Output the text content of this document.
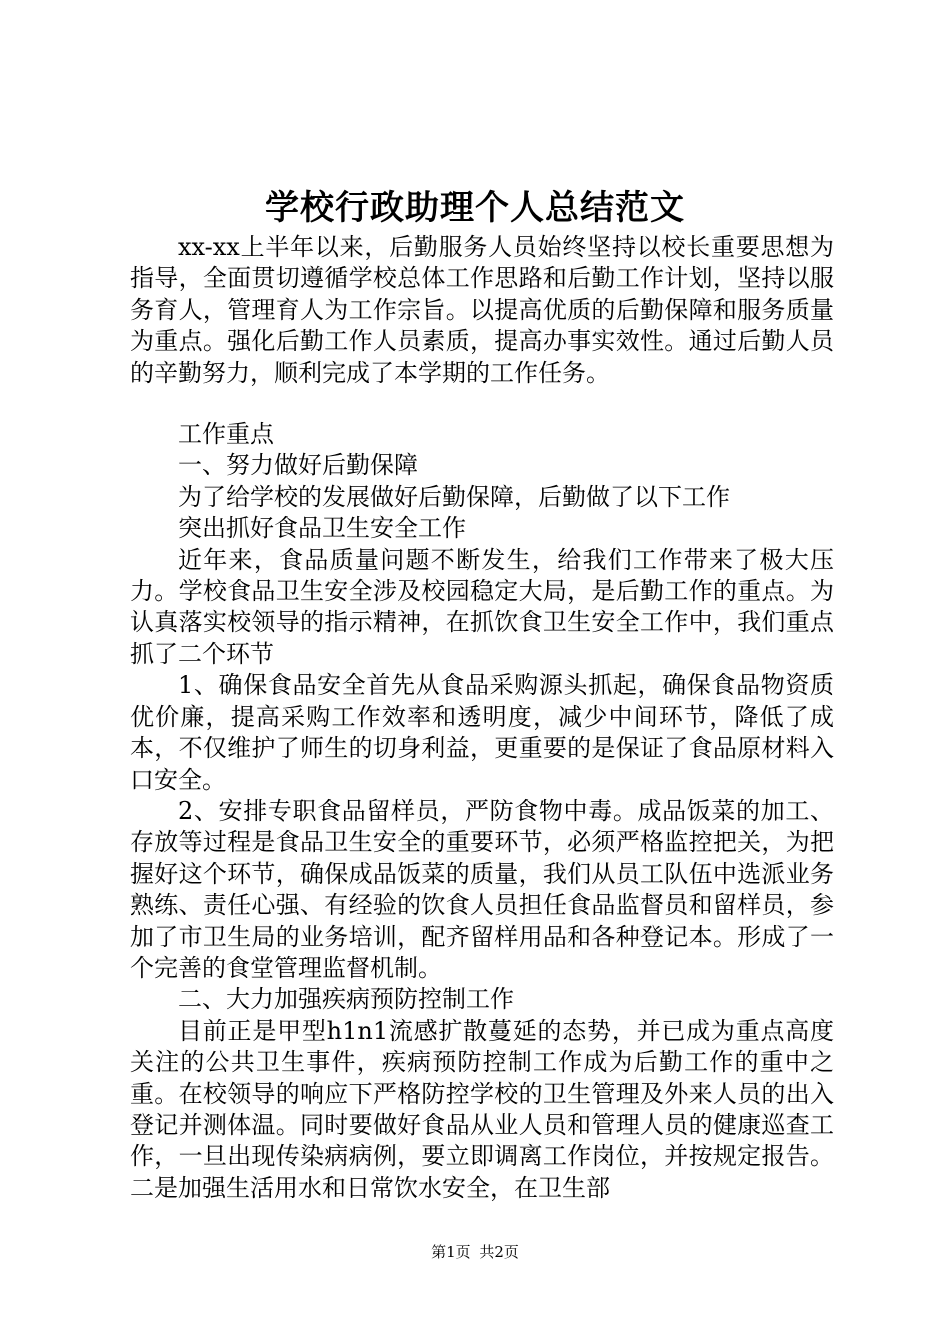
学校行政助理个人总结范文

xx-xx上半年以来，后勤服务人员始终坚持以校长重要思想为指导，全面贯切遵循学校总体工作思路和后勤工作计划，坚持以服务育人，管理育人为工作宗旨。以提高优质的后勤保障和服务质量为重点。强化后勤工作人员素质，提高办事实效性。通过后勤人员的辛勤努力，顺利完成了本学期的工作任务。

工作重点

一、努力做好后勤保障

为了给学校的发展做好后勤保障，后勤做了以下工作

突出抓好食品卫生安全工作

近年来，食品质量问题不断发生，给我们工作带来了极大压力。学校食品卫生安全涉及校园稳定大局，是后勤工作的重点。为认真落实校领导的指示精神，在抓饮食卫生安全工作中，我们重点抓了二个环节

1、确保食品安全首先从食品采购源头抓起，确保食品物资质优价廉，提高采购工作效率和透明度，减少中间环节，降低了成本，不仅维护了师生的切身利益，更重要的是保证了食品原材料入口安全。

2、安排专职食品留样员，严防食物中毒。成品饭菜的加工、存放等过程是食品卫生安全的重要环节，必须严格监控把关，为把握好这个环节，确保成品饭菜的质量，我们从员工队伍中选派业务熟练、责任心强、有经验的饮食人员担任食品监督员和留样员，参加了市卫生局的业务培训，配齐留样用品和各种登记本。形成了一个完善的食堂管理监督机制。

二、大力加强疾病预防控制工作

目前正是甲型h1n1流感扩散蔓延的态势，并已成为重点高度关注的公共卫生事件，疾病预防控制工作成为后勤工作的重中之重。在校领导的响应下严格防控学校的卫生管理及外来人员的出入登记并测体温。同时要做好食品从业人员和管理人员的健康巡查工作，一旦出现传染病病例，要立即调离工作岗位，并按规定报告。二是加强生活用水和日常饮水安全，在卫生部

第1页 共2页
